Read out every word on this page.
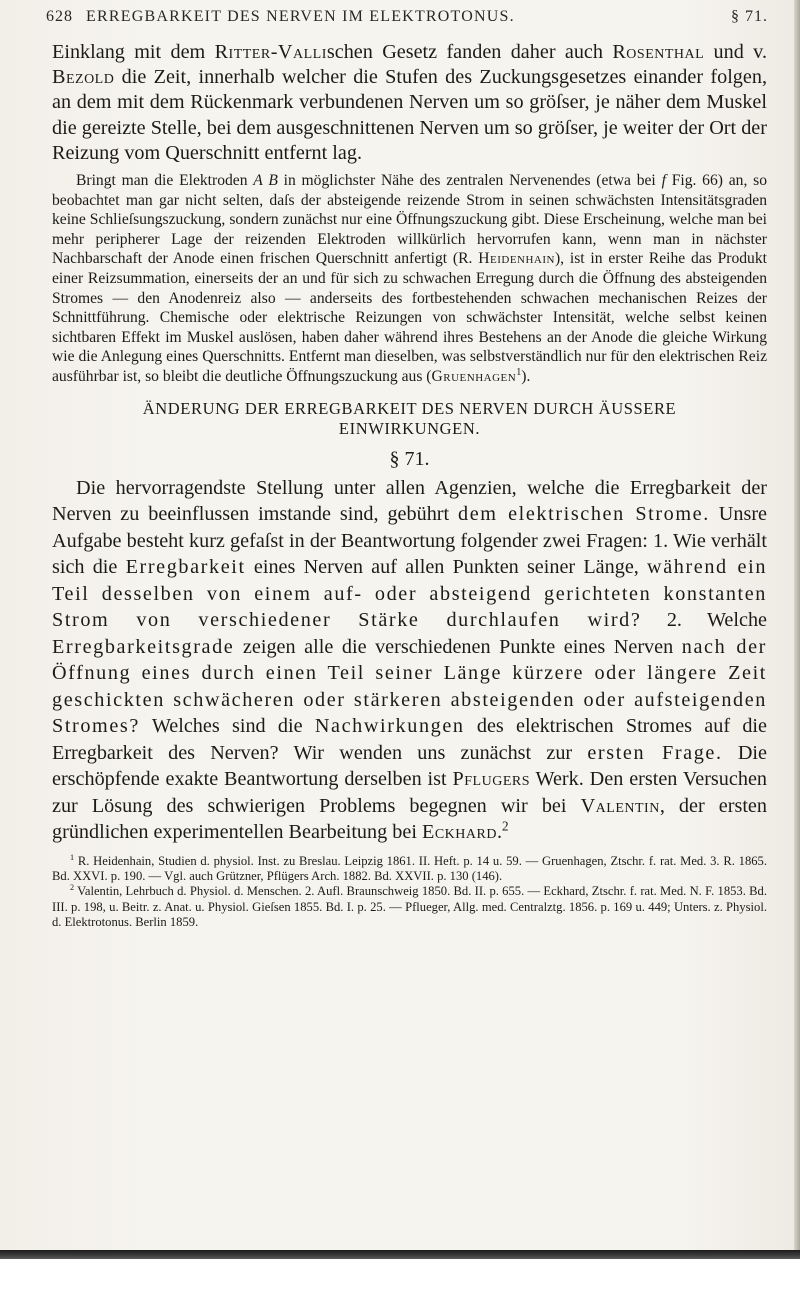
628 ERREGBARKEIT DES NERVEN IM ELEKTROTONUS.	§ 71.

Einklang mit dem Ritter-Vallischen Gesetz fanden daher auch Rosenthal und v. Bezold die Zeit, innerhalb welcher die Stufen des Zuckungsgesetzes einander folgen, an dem mit dem Rückenmark verbundenen Nerven um so gröſser, je näher dem Muskel die gereizte Stelle, bei dem ausgeschnittenen Nerven um so gröſser, je weiter der Ort der Reizung vom Querschnitt entfernt lag.

Bringt man die Elektroden A B in möglichster Nähe des zentralen Nervenendes (etwa bei f Fig. 66) an, so beobachtet man gar nicht selten, daſs der absteigende reizende Strom in seinen schwächsten Intensitätsgraden keine Schlieſsungszuckung, sondern zunächst nur eine Öffnungszuckung gibt. Diese Erscheinung, welche man bei mehr peripherer Lage der reizenden Elektroden willkürlich hervorrufen kann, wenn man in nächster Nachbarschaft der Anode einen frischen Querschnitt anfertigt (R. Heidenhain), ist in erster Reihe das Produkt einer Reizsummation, einerseits der an und für sich zu schwachen Erregung durch die Öffnung des absteigenden Stromes — den Anodenreiz also — anderseits des fortbestehenden schwachen mechanischen Reizes der Schnittführung. Chemische oder elektrische Reizungen von schwächster Intensität, welche selbst keinen sichtbaren Effekt im Muskel auslösen, haben daher während ihres Bestehens an der Anode die gleiche Wirkung wie die Anlegung eines Querschnitts. Entfernt man dieselben, was selbstverständlich nur für den elektrischen Reiz ausführbar ist, so bleibt die deutliche Öffnungszuckung aus (Gruenhagen$^1$).

ÄNDERUNG DER ERREGBARKEIT DES NERVEN DURCH ÄUSSERE
EINWIRKUNGEN.
§ 71.

Die hervorragendste Stellung unter allen Agenzien, welche die Erregbarkeit der Nerven zu beeinflussen imstande sind, gebührt dem elektrischen Strome. Unsre Aufgabe besteht kurz gefaſst in der Beantwortung folgender zwei Fragen: 1. Wie verhält sich die Erregbarkeit eines Nerven auf allen Punkten seiner Länge, während ein Teil desselben von einem auf- oder absteigend gerichteten konstanten Strom von verschiedener Stärke durchlaufen wird? 2. Welche Erregbarkeitsgrade zeigen alle die verschiedenen Punkte eines Nerven nach der Öffnung eines durch einen Teil seiner Länge kürzere oder längere Zeit geschickten schwächeren oder stärkeren absteigenden oder aufsteigenden Stromes? Welches sind die Nachwirkungen des elektrischen Stromes auf die Erregbarkeit des Nerven? Wir wenden uns zunächst zur ersten Frage. Die erschöpfende exakte Beantwortung derselben ist Pflugers Werk. Den ersten Versuchen zur Lösung des schwierigen Problems begegnen wir bei Valentin, der ersten gründlichen experimentellen Bearbeitung bei Eckhard.$^2$

$^1$ R. Heidenhain, Studien d. physiol. Inst. zu Breslau. Leipzig 1861. II. Heft. p. 14 u. 59. — Gruenhagen, Ztschr. f. rat. Med. 3. R. 1865. Bd. XXVI. p. 190. — Vgl. auch Grützner, Pflügers Arch. 1882. Bd. XXVII. p. 130 (146).

$^2$ Valentin, Lehrbuch d. Physiol. d. Menschen. 2. Aufl. Braunschweig 1850. Bd. II. p. 655. — Eckhard, Ztschr. f. rat. Med. N. F. 1853. Bd. III. p. 198, u. Beitr. z. Anat. u. Physiol. Gieſsen 1855. Bd. I. p. 25. — Pflueger, Allg. med. Centralztg. 1856. p. 169 u. 449; Unters. z. Physiol. d. Elektrotonus. Berlin 1859.
